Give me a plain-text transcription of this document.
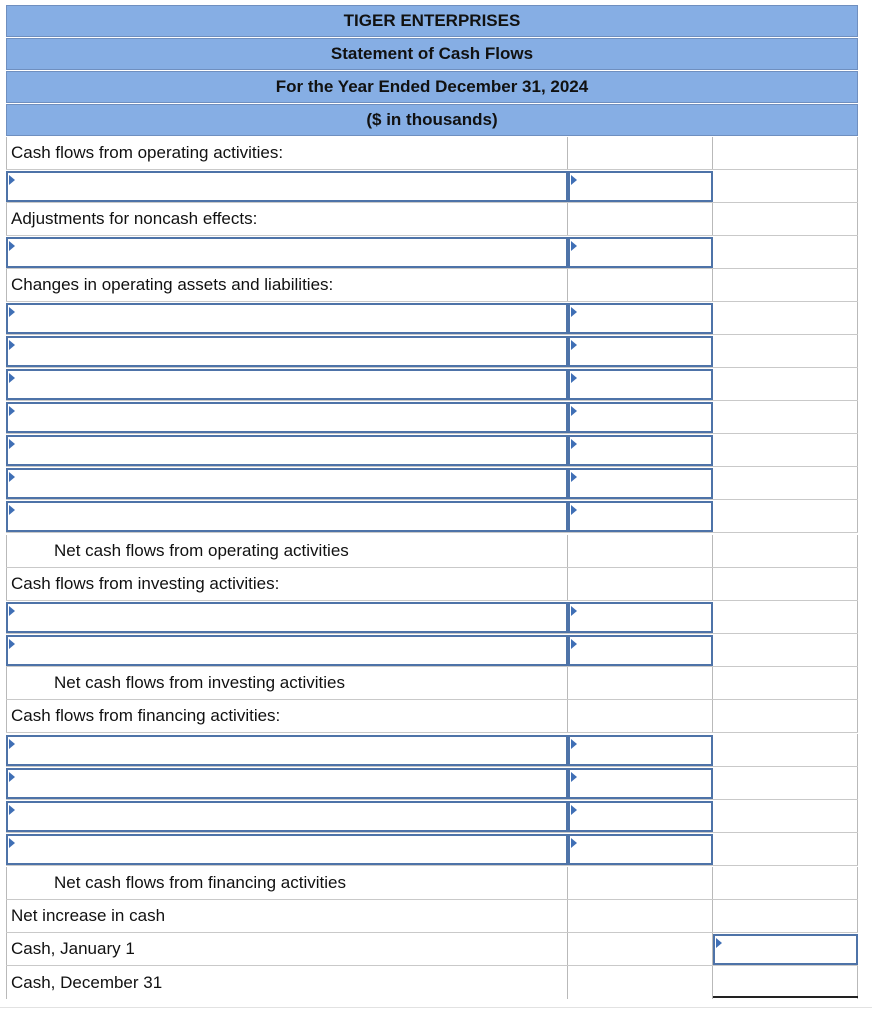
TIGER ENTERPRISES
Statement of Cash Flows
For the Year Ended December 31, 2024
($ in thousands)
Cash flows from operating activities:
Adjustments for noncash effects:
Changes in operating assets and liabilities:
Net cash flows from operating activities
Cash flows from investing activities:
Net cash flows from investing activities
Cash flows from financing activities:
Net cash flows from financing activities
Net increase in cash
Cash, January 1
Cash, December 31
